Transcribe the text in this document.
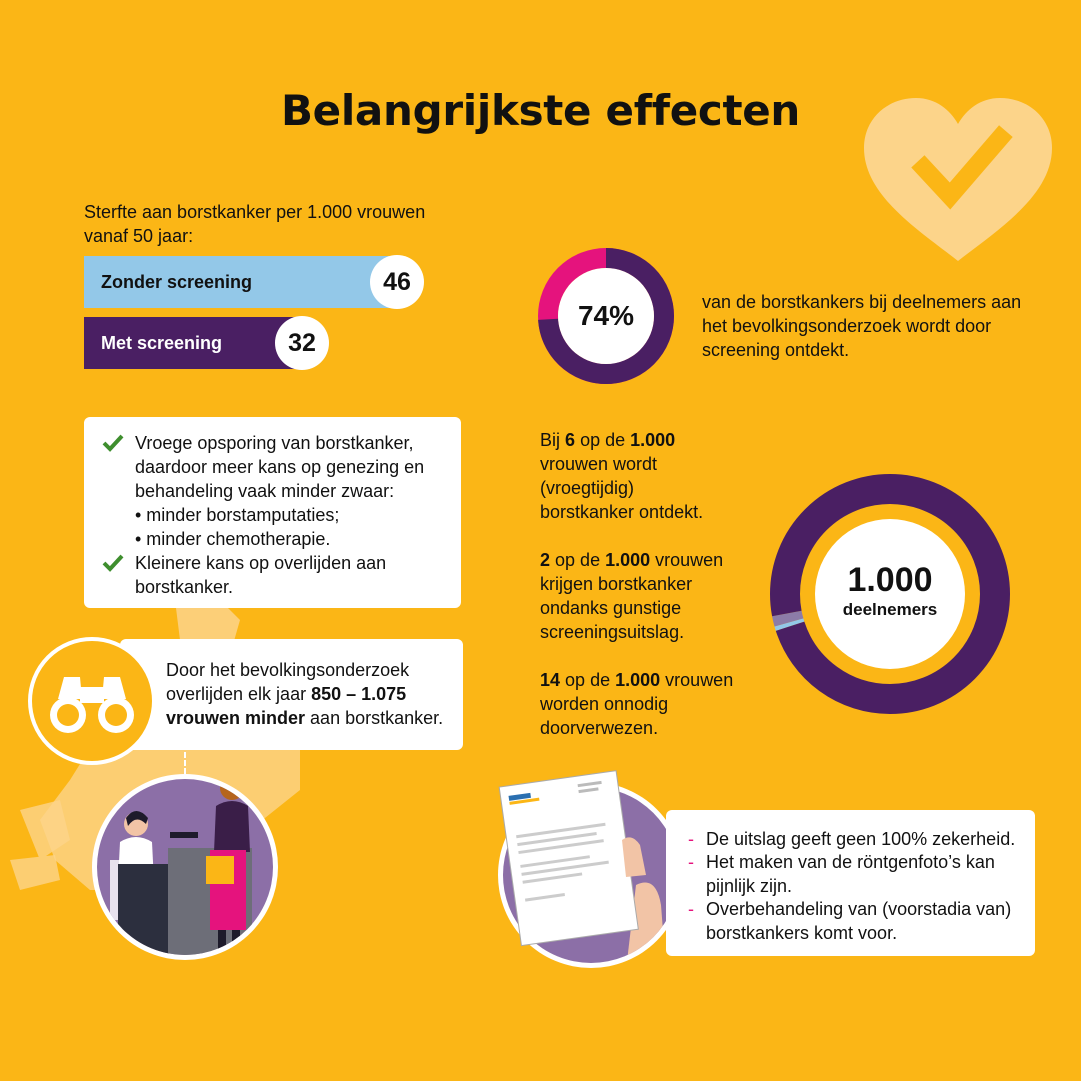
Belangrijkste effecten
Sterfte aan borstkanker per 1.000 vrouwen vanaf 50 jaar:
Zonder screening	46
Met screening	32
74%	van de borstkankers bij deelnemers aan het bevolkingsonderzoek wordt door screening ontdekt.
Vroege opsporing van borstkanker, daardoor meer kans op genezing en behandeling vaak minder zwaar:
• minder borstamputaties;
• minder chemotherapie.
Kleinere kans op overlijden aan borstkanker.
Door het bevolkingsonderzoek overlijden elk jaar 850 – 1.075
vrouwen minder aan borstkanker.
Bij 6 op de 1.000 vrouwen wordt (vroegtijdig) borstkanker ontdekt.
2 op de 1.000 vrouwen krijgen borstkanker ondanks gunstige screeningsuitslag.
14 op de 1.000 vrouwen worden onnodig doorverwezen.
1.000
deelnemers
- De uitslag geeft geen 100% zekerheid.
- Het maken van de röntgenfoto’s kan pijnlijk zijn.
- Overbehandeling van (voorstadia van) borstkankers komt voor.
